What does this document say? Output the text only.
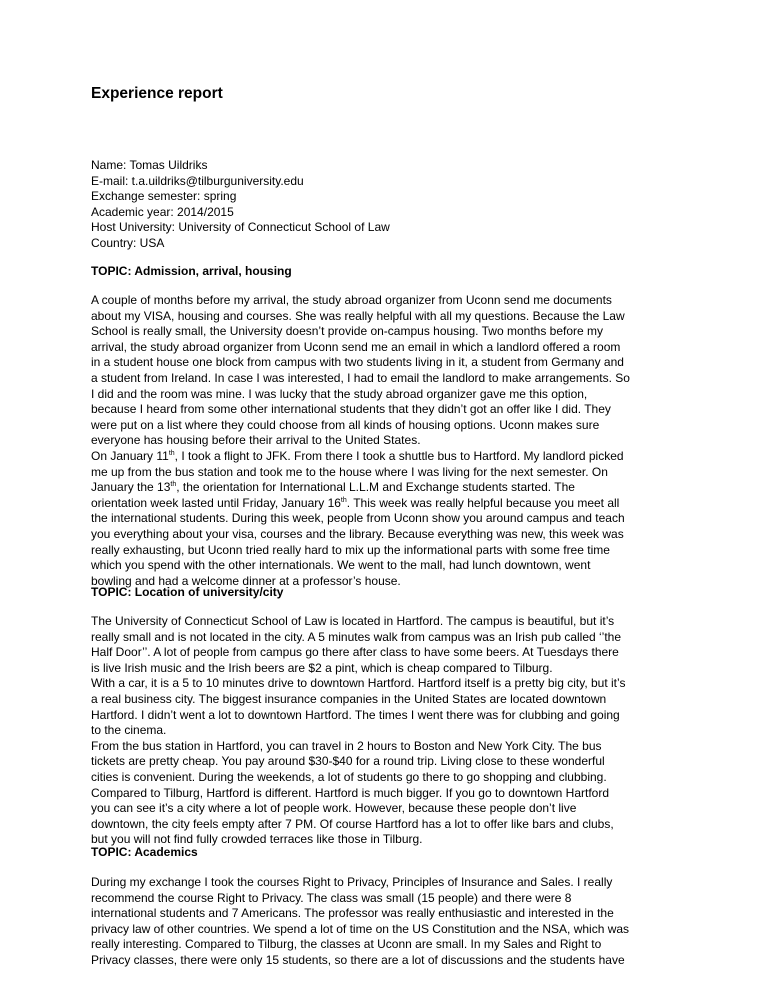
Experience report
Name: Tomas Uildriks
E-mail: t.a.uildriks@tilburguniversity.edu
Exchange semester: spring
Academic year: 2014/2015
Host University: University of Connecticut School of Law
Country: USA
TOPIC: Admission, arrival, housing
A couple of months before my arrival, the study abroad organizer from Uconn send me documents
about my VISA, housing and courses. She was really helpful with all my questions. Because the Law
School is really small, the University doesn’t provide on-campus housing. Two months before my
arrival, the study abroad organizer from Uconn send me an email in which a landlord offered a room
in a student house one block from campus with two students living in it, a student from Germany and
a student from Ireland. In case I was interested, I had to email the landlord to make arrangements. So
I did and the room was mine. I was lucky that the study abroad organizer gave me this option,
because I heard from some other international students that they didn’t got an offer like I did. They
were put on a list where they could choose from all kinds of housing options. Uconn makes sure
everyone has housing before their arrival to the United States.
On January 11th, I took a flight to JFK. From there I took a shuttle bus to Hartford. My landlord picked
me up from the bus station and took me to the house where I was living for the next semester. On
January the 13th, the orientation for International L.L.M and Exchange students started. The
orientation week lasted until Friday, January 16th. This week was really helpful because you meet all
the international students. During this week, people from Uconn show you around campus and teach
you everything about your visa, courses and the library. Because everything was new, this week was
really exhausting, but Uconn tried really hard to mix up the informational parts with some free time
which you spend with the other internationals. We went to the mall, had lunch downtown, went
bowling and had a welcome dinner at a professor’s house.
TOPIC: Location of university/city
The University of Connecticut School of Law is located in Hartford. The campus is beautiful, but it’s
really small and is not located in the city. A 5 minutes walk from campus was an Irish pub called ‘’the
Half Door’’. A lot of people from campus go there after class to have some beers. At Tuesdays there
is live Irish music and the Irish beers are $2 a pint, which is cheap compared to Tilburg.
With a car, it is a 5 to 10 minutes drive to downtown Hartford. Hartford itself is a pretty big city, but it’s
a real business city. The biggest insurance companies in the United States are located downtown
Hartford. I didn’t went a lot to downtown Hartford. The times I went there was for clubbing and going
to the cinema.
From the bus station in Hartford, you can travel in 2 hours to Boston and New York City. The bus
tickets are pretty cheap. You pay around $30-$40 for a round trip. Living close to these wonderful
cities is convenient. During the weekends, a lot of students go there to go shopping and clubbing.
Compared to Tilburg, Hartford is different. Hartford is much bigger. If you go to downtown Hartford
you can see it’s a city where a lot of people work. However, because these people don’t live
downtown, the city feels empty after 7 PM. Of course Hartford has a lot to offer like bars and clubs,
but you will not find fully crowded terraces like those in Tilburg.
TOPIC: Academics
During my exchange I took the courses Right to Privacy, Principles of Insurance and Sales. I really
recommend the course Right to Privacy. The class was small (15 people) and there were 8
international students and 7 Americans. The professor was really enthusiastic and interested in the
privacy law of other countries. We spend a lot of time on the US Constitution and the NSA, which was
really interesting. Compared to Tilburg, the classes at Uconn are small. In my Sales and Right to
Privacy classes, there were only 15 students, so there are a lot of discussions and the students have
